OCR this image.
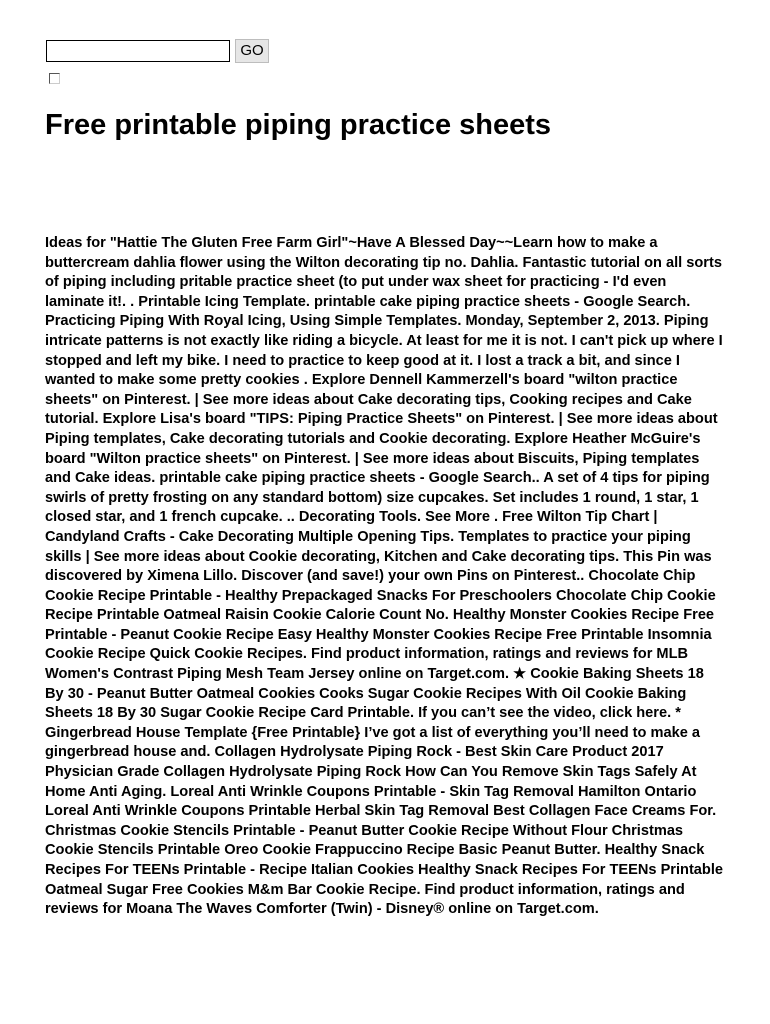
GO
Free printable piping practice sheets

Ideas for "Hattie The Gluten Free Farm Girl"~Have A Blessed Day~~Learn how to make a buttercream dahlia flower using the Wilton decorating tip no. Dahlia. Fantastic tutorial on all sorts of piping including pritable practice sheet (to put under wax sheet for practicing - I'd even laminate it!. . Printable Icing Template. printable cake piping practice sheets - Google Search. Practicing Piping With Royal Icing, Using Simple Templates. Monday, September 2, 2013. Piping intricate patterns is not exactly like riding a bicycle. At least for me it is not. I can't pick up where I stopped and left my bike. I need to practice to keep good at it. I lost a track a bit, and since I wanted to make some pretty cookies . Explore Dennell Kammerzell's board "wilton practice sheets" on Pinterest. | See more ideas about Cake decorating tips, Cooking recipes and Cake tutorial. Explore Lisa's board "TIPS: Piping Practice Sheets" on Pinterest. | See more ideas about Piping templates, Cake decorating tutorials and Cookie decorating. Explore Heather McGuire's board "Wilton practice sheets" on Pinterest. | See more ideas about Biscuits, Piping templates and Cake ideas. printable cake piping practice sheets - Google Search.. A set of 4 tips for piping swirls of pretty frosting on any standard bottom) size cupcakes. Set includes 1 round, 1 star, 1 closed star, and 1 french cupcake. .. Decorating Tools. See More . Free Wilton Tip Chart | Candyland Crafts - Cake Decorating Multiple Opening Tips. Templates to practice your piping skills | See more ideas about Cookie decorating, Kitchen and Cake decorating tips. This Pin was discovered by Ximena Lillo. Discover (and save!) your own Pins on Pinterest.. Chocolate Chip Cookie Recipe Printable - Healthy Prepackaged Snacks For Preschoolers Chocolate Chip Cookie Recipe Printable Oatmeal Raisin Cookie Calorie Count No. Healthy Monster Cookies Recipe Free Printable - Peanut Cookie Recipe Easy Healthy Monster Cookies Recipe Free Printable Insomnia Cookie Recipe Quick Cookie Recipes. Find product information, ratings and reviews for MLB Women's Contrast Piping Mesh Team Jersey online on Target.com. ★ Cookie Baking Sheets 18 By 30 - Peanut Butter Oatmeal Cookies Cooks Sugar Cookie Recipes With Oil Cookie Baking Sheets 18 By 30 Sugar Cookie Recipe Card Printable. If you can’t see the video, click here. * Gingerbread House Template {Free Printable} I’ve got a list of everything you’ll need to make a gingerbread house and. Collagen Hydrolysate Piping Rock - Best Skin Care Product 2017 Physician Grade Collagen Hydrolysate Piping Rock How Can You Remove Skin Tags Safely At Home Anti Aging. Loreal Anti Wrinkle Coupons Printable - Skin Tag Removal Hamilton Ontario Loreal Anti Wrinkle Coupons Printable Herbal Skin Tag Removal Best Collagen Face Creams For. Christmas Cookie Stencils Printable - Peanut Butter Cookie Recipe Without Flour Christmas Cookie Stencils Printable Oreo Cookie Frappuccino Recipe Basic Peanut Butter. Healthy Snack Recipes For TEENs Printable - Recipe Italian Cookies Healthy Snack Recipes For TEENs Printable Oatmeal Sugar Free Cookies M&m Bar Cookie Recipe. Find product information, ratings and reviews for Moana The Waves Comforter (Twin) - Disney® online on Target.com.
